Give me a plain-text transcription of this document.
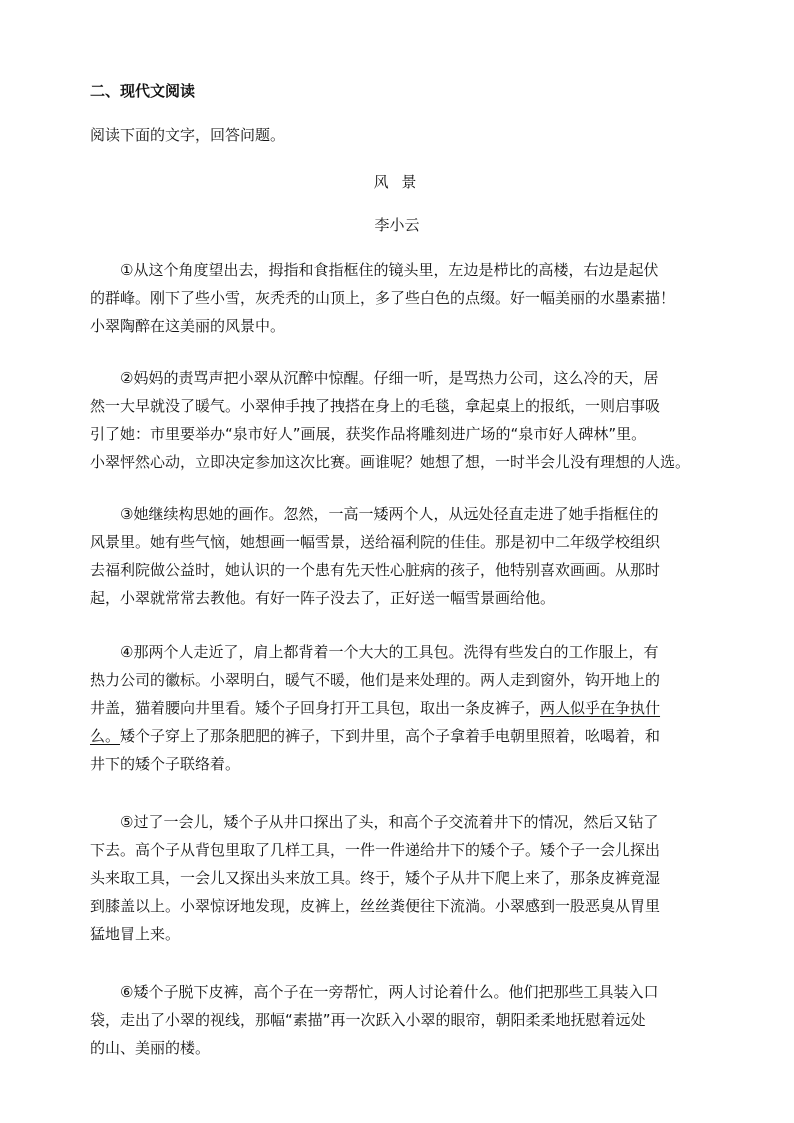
二、现代文阅读
阅读下面的文字，回答问题。
风 景
李小云
①从这个角度望出去，拇指和食指框住的镜头里，左边是栉比的高楼，右边是起伏
的群峰。刚下了些小雪，灰秃秃的山顶上，多了些白色的点缀。好一幅美丽的水墨素描！
小翠陶醉在这美丽的风景中。
②妈妈的责骂声把小翠从沉醉中惊醒。仔细一听，是骂热力公司，这么冷的天，居
然一大早就没了暖气。小翠伸手拽了拽搭在身上的毛毯，拿起桌上的报纸，一则启事吸
引了她：市里要举办“泉市好人”画展，获奖作品将雕刻进广场的“泉市好人碑林”里。
小翠怦然心动，立即决定参加这次比赛。画谁呢？她想了想，一时半会儿没有理想的人选。
③她继续构思她的画作。忽然，一高一矮两个人，从远处径直走进了她手指框住的
风景里。她有些气恼，她想画一幅雪景，送给福利院的佳佳。那是初中二年级学校组织
去福利院做公益时，她认识的一个患有先天性心脏病的孩子，他特别喜欢画画。从那时
起，小翠就常常去教他。有好一阵子没去了，正好送一幅雪景画给他。
④那两个人走近了，肩上都背着一个大大的工具包。洗得有些发白的工作服上，有
热力公司的徽标。小翠明白，暖气不暖，他们是来处理的。两人走到窗外，钩开地上的
井盖，猫着腰向井里看。矮个子回身打开工具包，取出一条皮裤子，两人似乎在争执什
么。矮个子穿上了那条肥肥的裤子，下到井里，高个子拿着手电朝里照着，吆喝着，和
井下的矮个子联络着。
⑤过了一会儿，矮个子从井口探出了头，和高个子交流着井下的情况，然后又钻了
下去。高个子从背包里取了几样工具，一件一件递给井下的矮个子。矮个子一会儿探出
头来取工具，一会儿又探出头来放工具。终于，矮个子从井下爬上来了，那条皮裤竟湿
到膝盖以上。小翠惊讶地发现，皮裤上，丝丝粪便往下流淌。小翠感到一股恶臭从胃里
猛地冒上来。
⑥矮个子脱下皮裤，高个子在一旁帮忙，两人讨论着什么。他们把那些工具装入口
袋，走出了小翠的视线，那幅“素描”再一次跃入小翠的眼帘，朝阳柔柔地抚慰着远处
的山、美丽的楼。
